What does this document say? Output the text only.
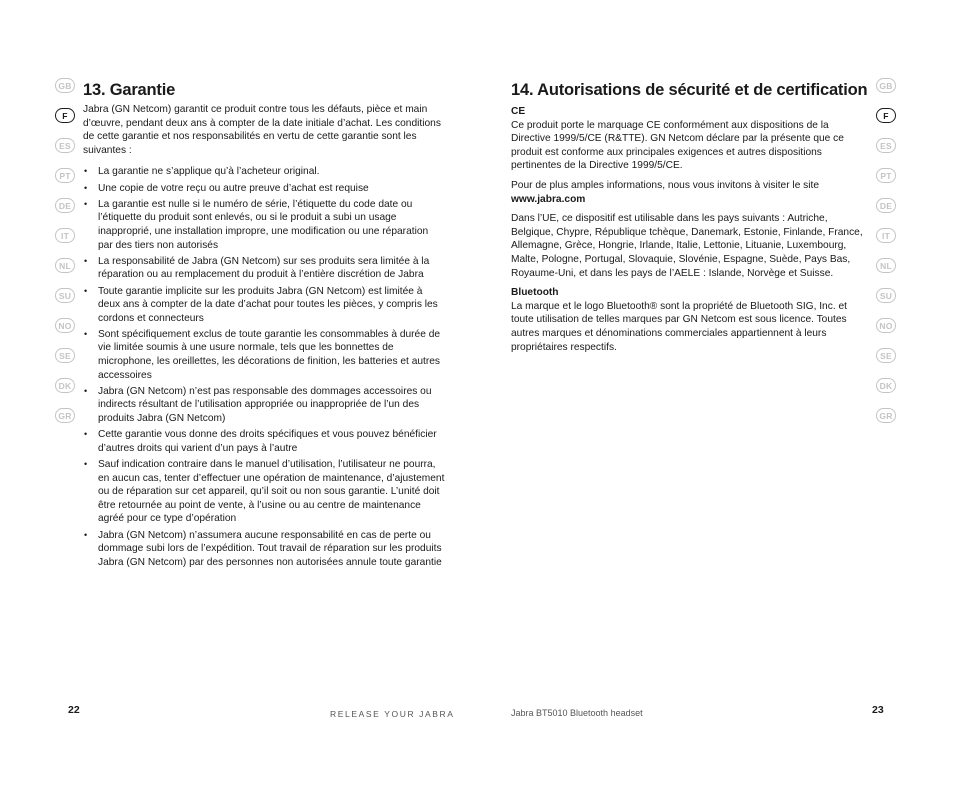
GB
F
ES
PT
DE
IT
NL
SU
NO
SE
DK
GR
GB
F
ES
PT
DE
IT
NL
SU
NO
SE
DK
GR
13. Garantie

Jabra (GN Netcom) garantit ce produit contre tous les défauts, pièce et main d’œuvre, pendant deux ans à compter de la date initiale d’achat. Les conditions de cette garantie et nos responsabilités en vertu de cette garantie sont les suivantes :

• La garantie ne s’applique qu’à l’acheteur original.
• Une copie de votre reçu ou autre preuve d’achat est requise
• La garantie est nulle si le numéro de série, l’étiquette du code date ou l’étiquette du produit sont enlevés, ou si le produit a subi un usage inapproprié, une installation impropre, une modification ou une réparation par des tiers non autorisés
• La responsabilité de Jabra (GN Netcom) sur ses produits sera limitée à la réparation ou au remplacement du produit à l’entière discrétion de Jabra
• Toute garantie implicite sur les produits Jabra (GN Netcom) est limitée à deux ans à compter de la date d’achat pour toutes les pièces, y compris les cordons et connecteurs
• Sont spécifiquement exclus de toute garantie les consommables à durée de vie limitée soumis à une usure normale, tels que les bonnettes de microphone, les oreillettes, les décorations de finition, les batteries et autres accessoires
• Jabra (GN Netcom) n’est pas responsable des dommages accessoires ou indirects résultant de l’utilisation appropriée ou inappropriée de l’un des produits Jabra (GN Netcom)
• Cette garantie vous donne des droits spécifiques et vous pouvez bénéficier d’autres droits qui varient d’un pays à l’autre
• Sauf indication contraire dans le manuel d’utilisation, l’utilisateur ne pourra, en aucun cas, tenter d’effectuer une opération de maintenance, d’ajustement ou de réparation sur cet appareil, qu’il soit ou non sous garantie. L’unité doit être retournée au point de vente, à l’usine ou au centre de maintenance agréé pour ce type d’opération
• Jabra (GN Netcom) n’assumera aucune responsabilité en cas de perte ou dommage subi lors de l’expédition. Tout travail de réparation sur les produits Jabra (GN Netcom) par des personnes non autorisées annule toute garantie
14. Autorisations de sécurité et de certification
CE

Ce produit porte le marquage CE conformément aux dispositions de la Directive 1999/5/CE (R&TTE). GN Netcom déclare par la présente que ce produit est conforme aux principales exigences et autres dispositions pertinentes de la Directive 1999/5/CE.

Pour de plus amples informations, nous vous invitons à visiter le site
www.jabra.com

Dans l’UE, ce dispositif est utilisable dans les pays suivants : Autriche, Belgique, Chypre, République tchèque, Danemark, Estonie, Finlande, France, Allemagne, Grèce, Hongrie, Irlande, Italie, Lettonie, Lituanie, Luxembourg, Malte, Pologne, Portugal, Slovaquie, Slovénie, Espagne, Suède, Pays Bas, Royaume-Uni, et dans les pays de l’AELE : Islande, Norvège et Suisse.

Bluetooth

La marque et le logo Bluetooth® sont la propriété de Bluetooth SIG, Inc. et toute utilisation de telles marques par GN Netcom est sous licence. Toutes autres marques et dénominations commerciales appartiennent à leurs propriétaires respectifs.

22	RELEASE YOUR JABRA	Jabra BT5010 Bluetooth headset	23
